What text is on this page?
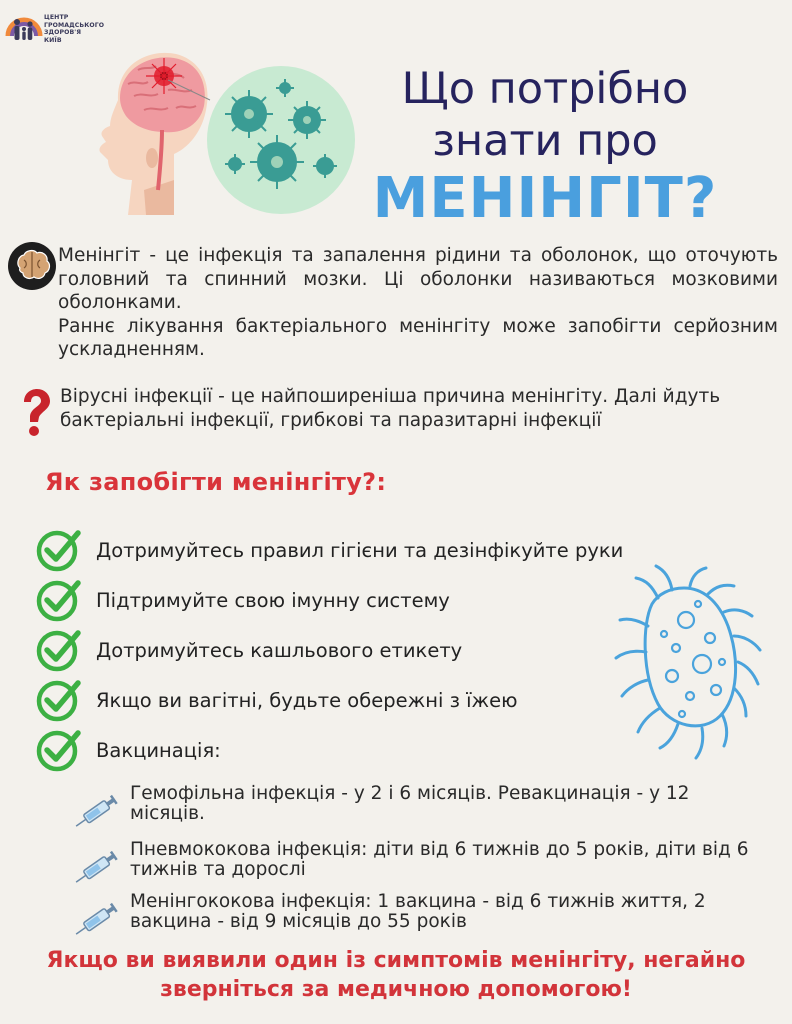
ЦЕНТР
ГРОМАДСЬКОГО
ЗДОРОВ'Я
КИЇВ
Що потрібно
знати про
МЕНІНГІТ?

Менінгіт - це інфекція та запалення рідини та оболонок, що оточують головний та спинний мозки. Ці оболонки називаються мозковими оболонками.

Раннє лікування бактеріального менінгіту може запобігти серйозним ускладненням.

Вірусні інфекції - це найпоширеніша причина менінгіту. Далі йдуть бактеріальні інфекції, грибкові та паразитарні інфекції
Як запобігти менінгіту?:
Дотримуйтесь правил гігієни та дезінфікуйте руки
Підтримуйте свою імунну систему
Дотримуйтесь кашльового етикету
Якщо ви вагітні, будьте обережні з їжею
Вакцинація:

Гемофільна інфекція - у 2 і 6 місяців. Ревакцинація - у 12 місяців.

Пневмококова інфекція: діти від 6 тижнів до 5 років, діти від 6 тижнів та дорослі

Менінгококова інфекція: 1 вакцина - від 6 тижнів життя, 2 вакцина - від 9 місяців до 55 років

Якщо ви виявили один із симптомів менінгіту, негайно
зверніться за медичною допомогою!
